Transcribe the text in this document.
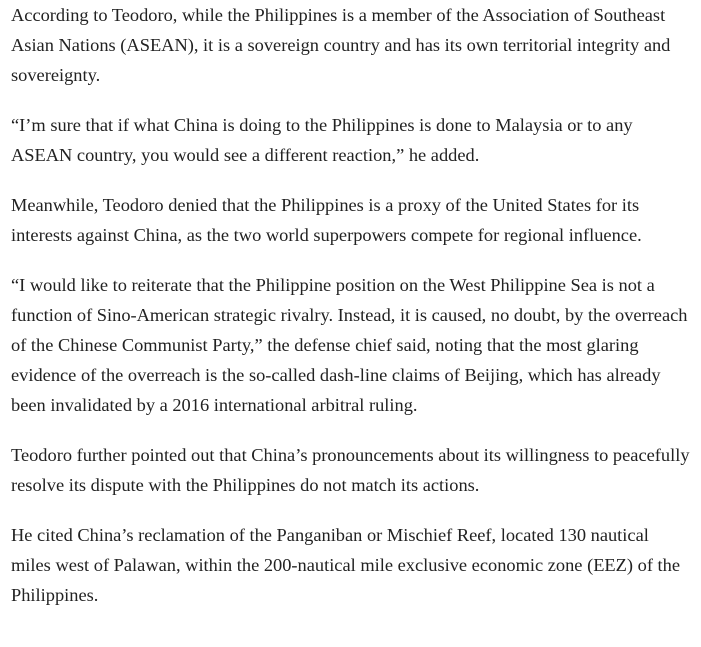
According to Teodoro, while the Philippines is a member of the Association of Southeast Asian Nations (ASEAN), it is a sovereign country and has its own territorial integrity and sovereignty.

“I’m sure that if what China is doing to the Philippines is done to Malaysia or to any ASEAN country, you would see a different reaction,” he added.

Meanwhile, Teodoro denied that the Philippines is a proxy of the United States for its interests against China, as the two world superpowers compete for regional influence.

“I would like to reiterate that the Philippine position on the West Philippine Sea is not a function of Sino-American strategic rivalry. Instead, it is caused, no doubt, by the overreach of the Chinese Communist Party,” the defense chief said, noting that the most glaring evidence of the overreach is the so-called dash-line claims of Beijing, which has already been invalidated by a 2016 international arbitral ruling.

Teodoro further pointed out that China’s pronouncements about its willingness to peacefully resolve its dispute with the Philippines do not match its actions.

He cited China’s reclamation of the Panganiban or Mischief Reef, located 130 nautical miles west of Palawan, within the 200-nautical mile exclusive economic zone (EEZ) of the Philippines.
